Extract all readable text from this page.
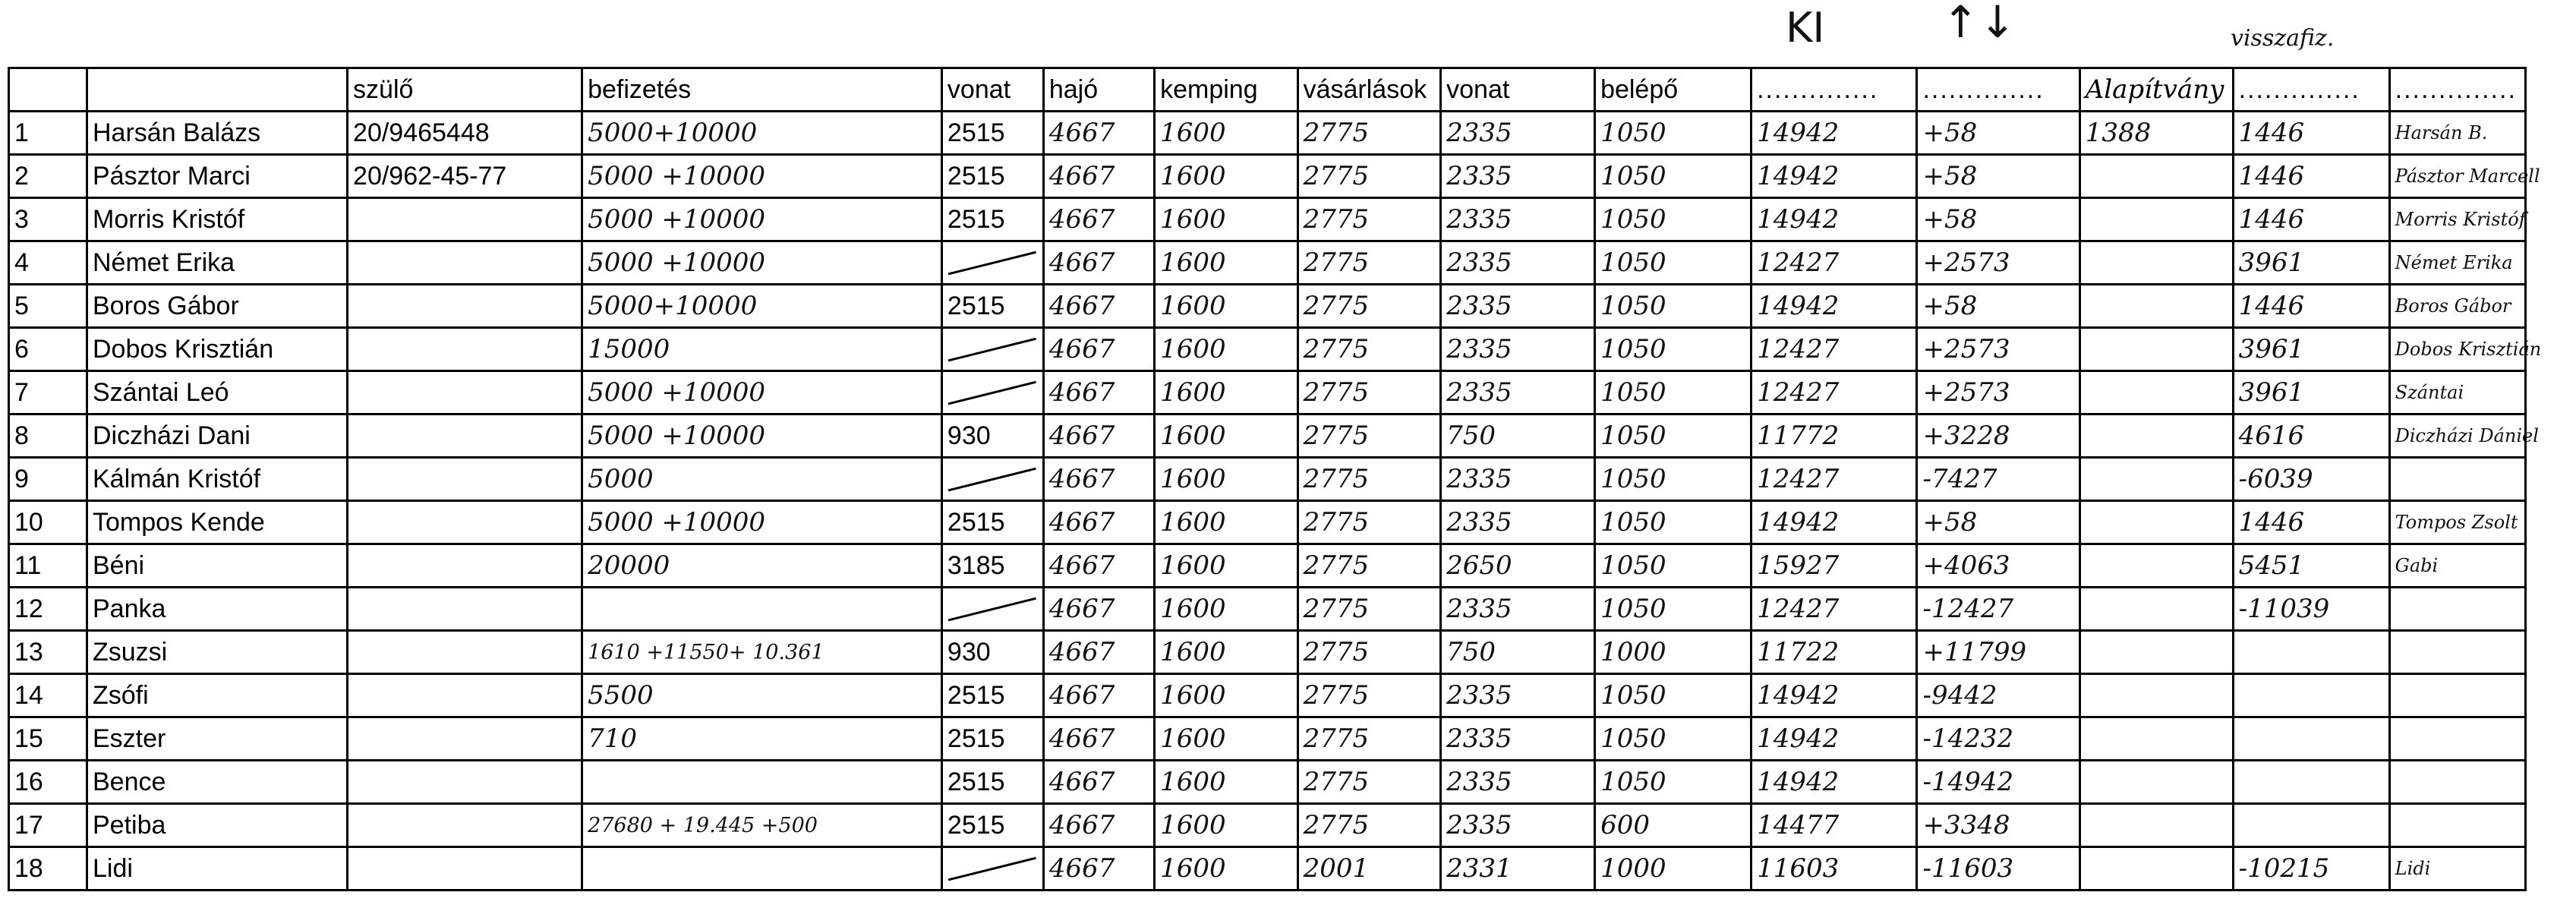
KI	↑↓	visszafiz.
		szülő	befizetés	vonat	hajó	kemping	vásárlások	vonat	belépő	..............	..............	Alapítvány	..............	..............
1	Harsán Balázs	20/9465448	5000+10000	2515	4667	1600	2775	2335	1050	14942	+58	1388	1446	Harsán B.
2	Pásztor Marci	20/962-45-77	5000 +10000	2515	4667	1600	2775	2335	1050	14942	+58		1446	Pásztor Marcell
3	Morris Kristóf		5000 +10000	2515	4667	1600	2775	2335	1050	14942	+58		1446	Morris Kristóf
4	Német Erika		5000 +10000		4667	1600	2775	2335	1050	12427	+2573		3961	Német Erika
5	Boros Gábor		5000+10000	2515	4667	1600	2775	2335	1050	14942	+58		1446	Boros Gábor
6	Dobos Krisztián		15000		4667	1600	2775	2335	1050	12427	+2573		3961	Dobos Krisztián
7	Szántai Leó		5000 +10000		4667	1600	2775	2335	1050	12427	+2573		3961	Szántai
8	Diczházi Dani		5000 +10000	930	4667	1600	2775	750	1050	11772	+3228		4616	Diczházi Dániel
9	Kálmán Kristóf		5000		4667	1600	2775	2335	1050	12427	-7427		-6039	
10	Tompos Kende		5000 +10000	2515	4667	1600	2775	2335	1050	14942	+58		1446	Tompos Zsolt
11	Béni		20000	3185	4667	1600	2775	2650	1050	15927	+4063		5451	Gabi
12	Panka				4667	1600	2775	2335	1050	12427	-12427		-11039	
13	Zsuzsi		1610 +11550+ 10.361	930	4667	1600	2775	750	1000	11722	+11799			
14	Zsófi		5500	2515	4667	1600	2775	2335	1050	14942	-9442			
15	Eszter		710	2515	4667	1600	2775	2335	1050	14942	-14232			
16	Bence			2515	4667	1600	2775	2335	1050	14942	-14942			
17	Petiba		27680 + 19.445 +500	2515	4667	1600	2775	2335	600	14477	+3348			
18	Lidi				4667	1600	2001	2331	1000	11603	-11603		-10215	Lidi
